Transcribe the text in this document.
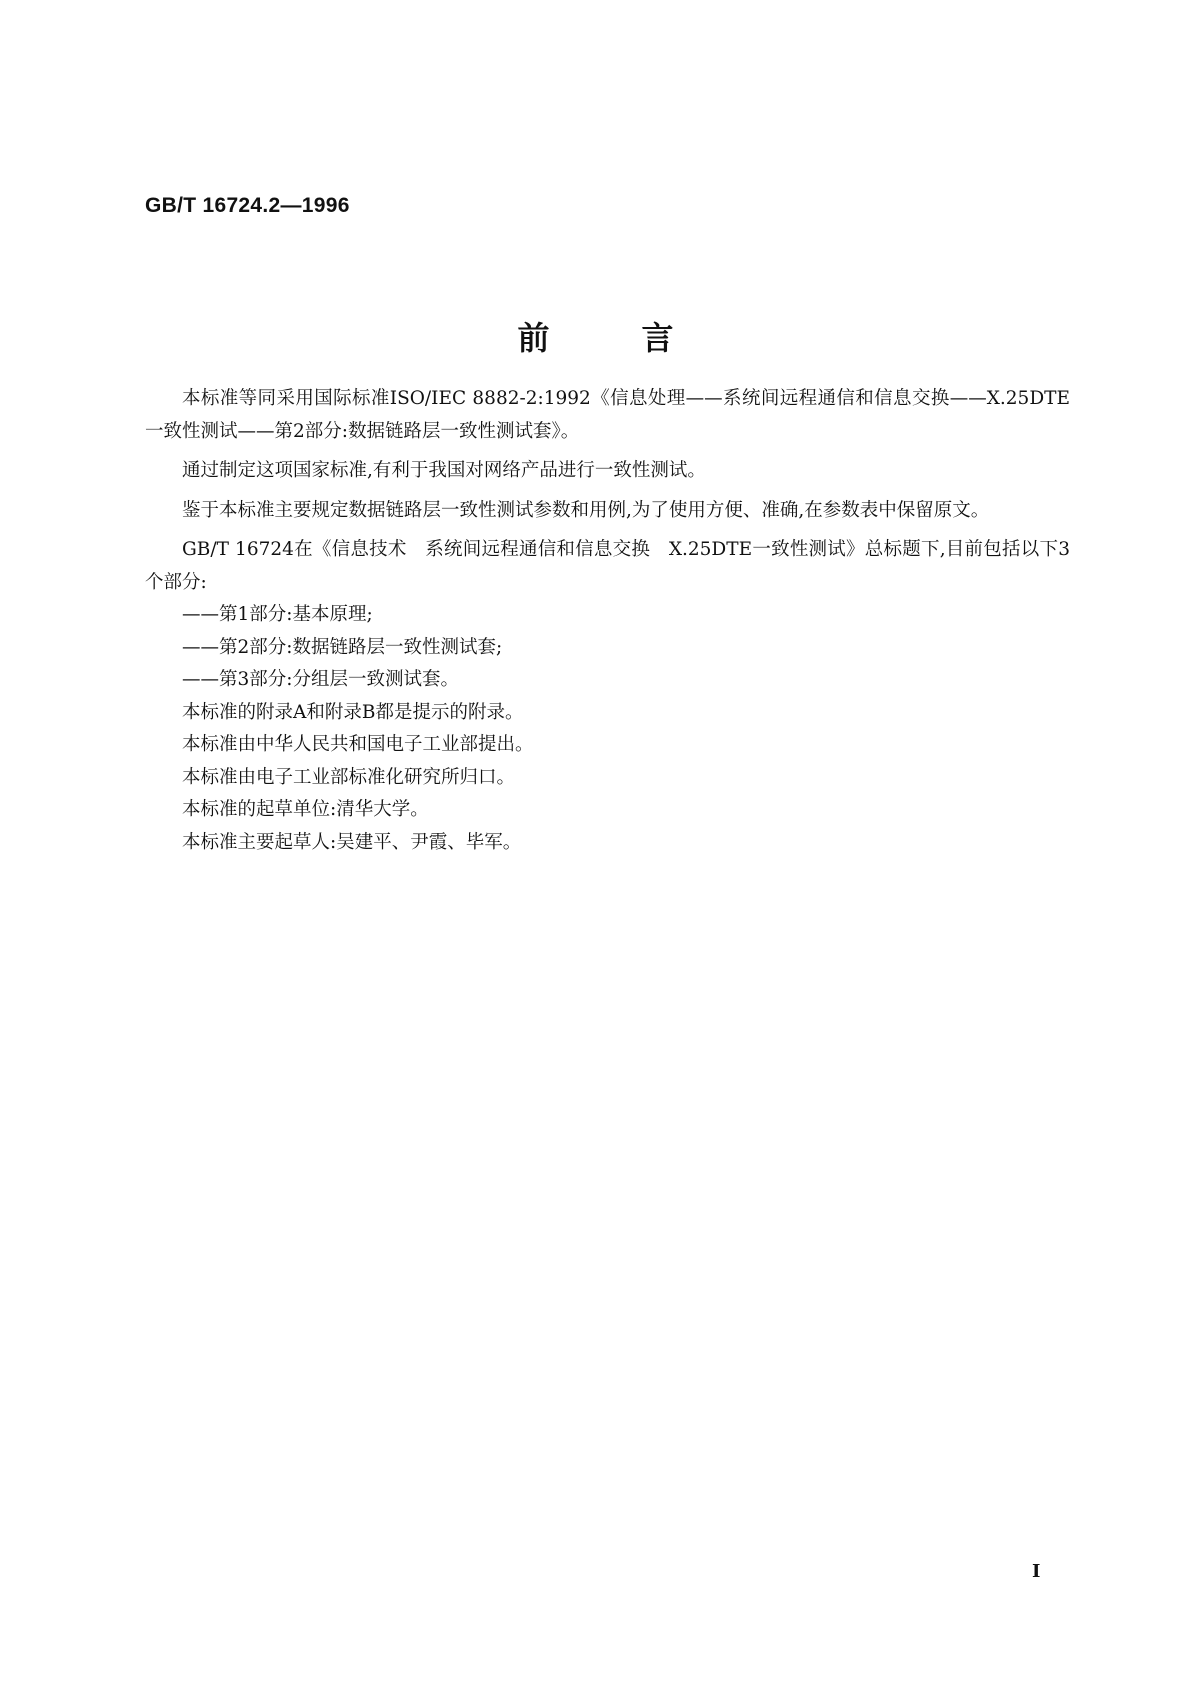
GB/T 16724.2—1996
前言

本标准等同采用国际标准ISO/IEC 8882-2:1992《信息处理——系统间远程通信和信息交换——X.25DTE一致性测试——第2部分:数据链路层一致性测试套》。

通过制定这项国家标准,有利于我国对网络产品进行一致性测试。

鉴于本标准主要规定数据链路层一致性测试参数和用例,为了使用方便、准确,在参数表中保留原文。

GB/T 16724在《信息技术　系统间远程通信和信息交换　X.25DTE一致性测试》总标题下,目前包括以下3个部分:

——第1部分:基本原理;

——第2部分:数据链路层一致性测试套;

——第3部分:分组层一致测试套。

本标准的附录A和附录B都是提示的附录。

本标准由中华人民共和国电子工业部提出。

本标准由电子工业部标准化研究所归口。

本标准的起草单位:清华大学。

本标准主要起草人:吴建平、尹霞、毕军。

I
